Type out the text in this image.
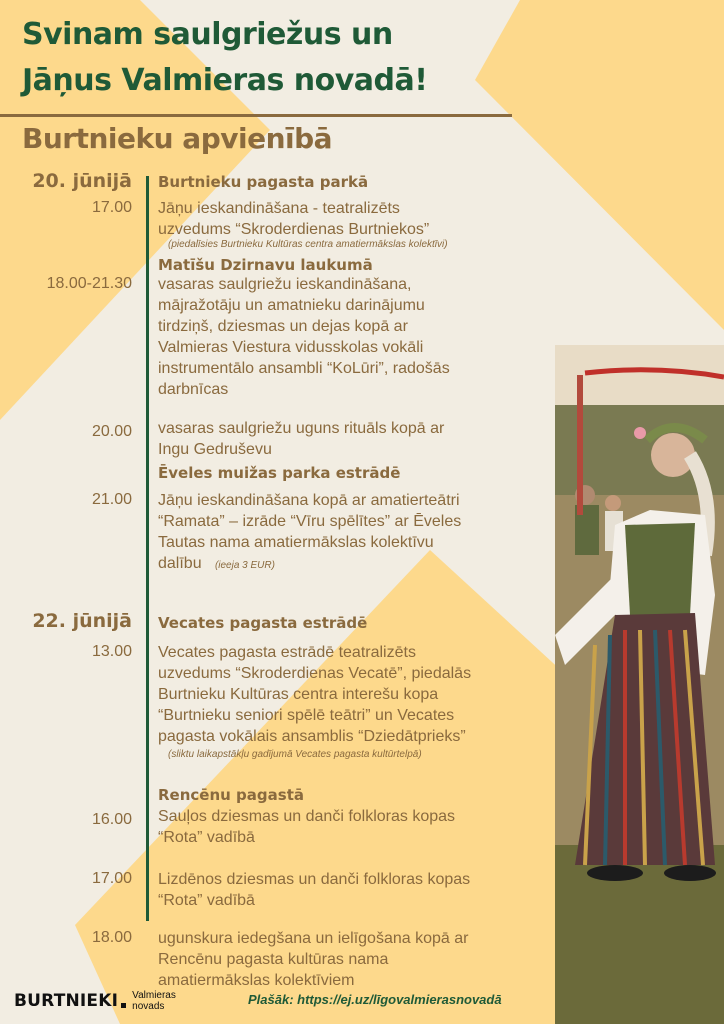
Svinam saulgriežus un
Jāņus Valmieras novadā!
Burtnieku apvienībā
20. jūnijā Burtnieku pagasta parkā
17.00 Jāņu ieskandināšana - teatralizēts
uzvedums “Skroderdienas Burtniekos”

(piedalīsies Burtnieku Kultūras centra amatiermākslas kolektīvi)
Matīšu Dzirnavu laukumā
18.00-21.30 vasaras saulgriežu ieskandināšana,
mājražotāju un amatnieku darinājumu
tirdziņš, dziesmas un dejas kopā ar
Valmieras Viestura vidusskolas vokāli
instrumentālo ansambli “KoLūri”, radošās
darbnīcas

20.00 vasaras saulgriežu uguns rituāls kopā ar
Ingu Gedruševu

Ēveles muižas parka estrādē
21.00 Jāņu ieskandināšana kopā ar amatierteātri
“Ramata” – izrāde “Vīru spēlītes” ar Ēveles
Tautas nama amatiermākslas kolektīvu
dalību (ieeja 3 EUR)

22. jūnijā Vecates pagasta estrādē
13.00 Vecates pagasta estrādē teatralizēts
uzvedums “Skroderdienas Vecatē”, piedalās
Burtnieku Kultūras centra interešu kopa
“Burtnieku seniori spēlē teātri” un Vecates
pagasta vokālais ansamblis “Dziedātprieks”

(sliktu laikapstākļu gadījumā Vecates pagasta kultūrtelpā)
Rencēnu pagastā
16.00 Sauļos dziesmas un danči folkloras kopas
“Rota” vadībā

17.00 Lizdēnos dziesmas un danči folkloras kopas
“Rota” vadībā

18.00 ugunskura iedegšana un ielīgošana kopā ar
Rencēnu pagasta kultūras nama
amatiermākslas kolektīviem

BURTNIEKI Valmieras
novads	Plašāk: https://ej.uz/līgovalmierasnovadā
